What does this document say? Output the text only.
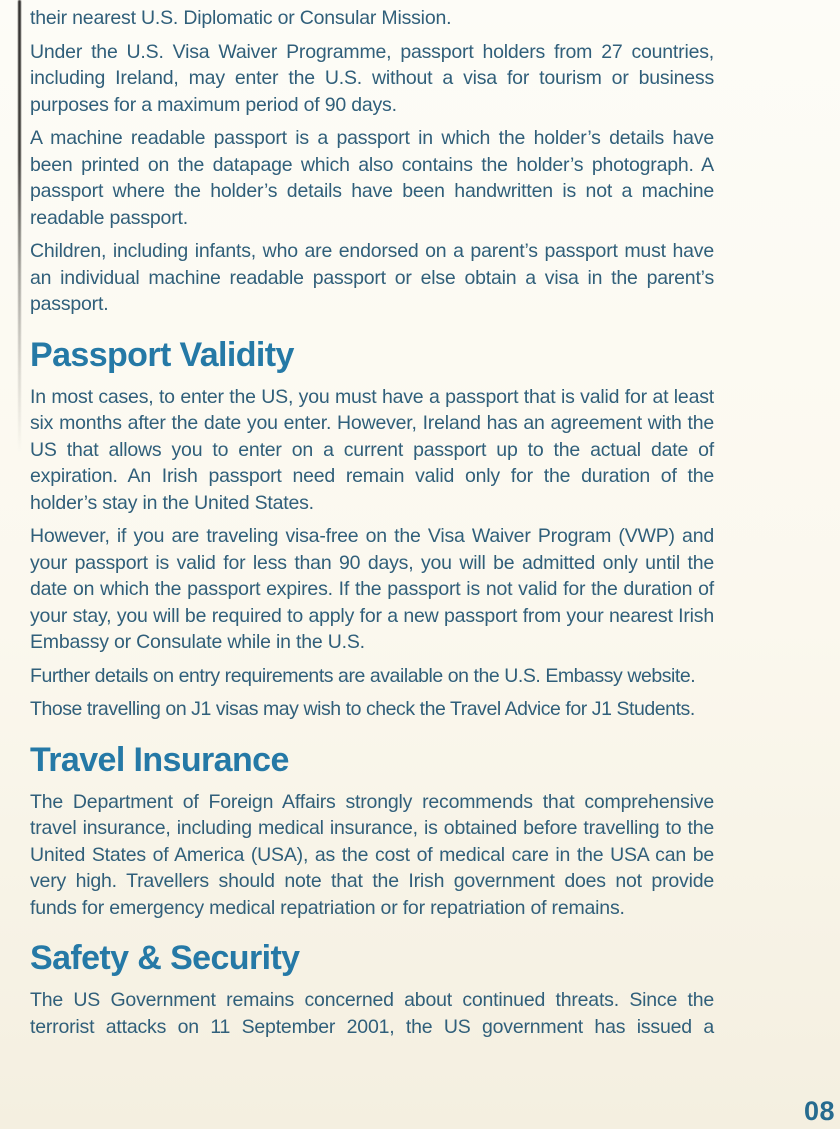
their nearest U.S. Diplomatic or Consular Mission.

Under the U.S. Visa Waiver Programme, passport holders from 27 countries, including Ireland, may enter the U.S. without a visa for tourism or business purposes for a maximum period of 90 days.

A machine readable passport is a passport in which the holder’s details have been printed on the datapage which also contains the holder’s photograph. A passport where the holder’s details have been handwritten is not a machine readable passport.

Children, including infants, who are endorsed on a parent’s passport must have an individual machine readable passport or else obtain a visa in the parent’s passport.

Passport Validity

In most cases, to enter the US, you must have a passport that is valid for at least six months after the date you enter. However, Ireland has an agreement with the US that allows you to enter on a current passport up to the actual date of expiration. An Irish passport need remain valid only for the duration of the holder’s stay in the United States.

However, if you are traveling visa-free on the Visa Waiver Program (VWP) and your passport is valid for less than 90 days, you will be admitted only until the date on which the passport expires. If the passport is not valid for the duration of your stay, you will be required to apply for a new passport from your nearest Irish Embassy or Consulate while in the U.S.

Further details on entry requirements are available on the U.S. Embassy website.

Those travelling on J1 visas may wish to check the Travel Advice for J1 Students.

Travel Insurance

The Department of Foreign Affairs strongly recommends that comprehensive travel insurance, including medical insurance, is obtained before travelling to the United States of America (USA), as the cost of medical care in the USA can be very high. Travellers should note that the Irish government does not provide funds for emergency medical repatriation or for repatriation of remains.

Safety & Security

The US Government remains concerned about continued threats. Since the terrorist attacks on 11 September 2001, the US government has issued a

08
